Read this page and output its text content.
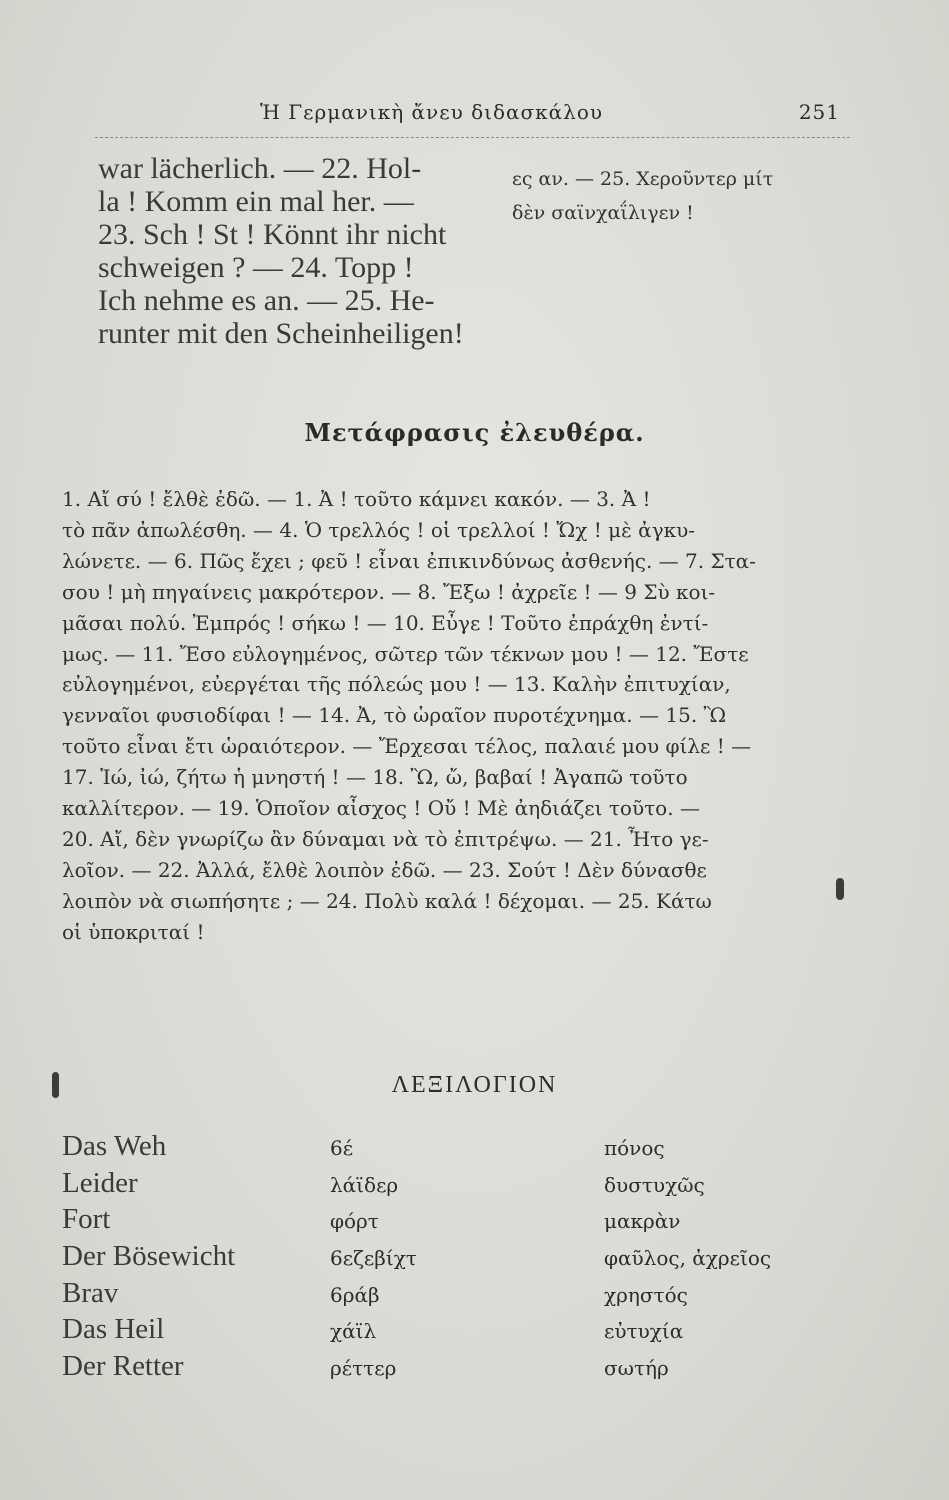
Ἡ Γερμανικὴ ἄνευ διδασκάλου	251
war lächerlich. — 22. Hol-
la ! Komm ein mal her. —
23. Sch ! St ! Könnt ihr nicht
schweigen ? — 24. Topp !
Ich nehme es an. — 25. He-
runter mit den Scheinheiligen!
ες αν. — 25. Χεροῦντερ μίτ
δὲν σαϊνχαΐλιγεν !
Μετάφρασις ἐλευθέρα.
1. Αἴ σύ ! ἔλθὲ ἐδῶ. — 1. Ἀ ! τοῦτο κάμνει κακόν. — 3. Ἀ !
τὸ πᾶν ἀπωλέσθη. — 4. Ὁ τρελλός ! οἱ τρελλοί ! Ὤχ ! μὲ ἀγκυ-
λώνετε. — 6. Πῶς ἔχει ; φεῦ ! εἶναι ἐπικινδύνως ἀσθενής. — 7. Στα-
σου ! μὴ πηγαίνεις μακρότερον. — 8. Ἔξω ! ἀχρεῖε ! — 9 Σὺ κοι-
μᾶσαι πολύ. Ἐμπρός ! σήκω ! — 10. Εὖγε ! Τοῦτο ἐπράχθη ἐντί-
μως. — 11. Ἔσο εὐλογημένος, σῶτερ τῶν τέκνων μου ! — 12. Ἔστε
εὐλογημένοι, εὐεργέται τῆς πόλεώς μου ! — 13. Καλὴν ἐπιτυχίαν,
γενναῖοι φυσιοδίφαι ! — 14. Ἀ, τὸ ὡραῖον πυροτέχνημα. — 15. Ὢ
τοῦτο εἶναι ἔτι ὡραιότερον. — Ἔρχεσαι τέλος, παλαιέ μου φίλε ! —
17. Ἰώ, ἰώ, ζήτω ἡ μνηστή ! — 18. Ὢ, ὤ, βαβαί ! Ἀγαπῶ τοῦτο
καλλίτερον. — 19. Ὁποῖον αἶσχος ! Οὔ ! Μὲ ἀηδιάζει τοῦτο. —
20. Αἴ, δὲν γνωρίζω ἂν δύναμαι νὰ τὸ ἐπιτρέψω. — 21. Ἦτο γε-
λοῖον. — 22. Ἀλλά, ἔλθὲ λοιπὸν ἐδῶ. — 23. Σούτ ! Δὲν δύνασθε
λοιπὸν νὰ σιωπήσητε ; — 24. Πολὺ καλά ! δέχομαι. — 25. Κάτω
οἱ ὑποκριταί !
ΛΕΞΙΛΟΓΙΟΝ
Das Weh	6έ	πόνος
Leider	λάϊδερ	δυστυχῶς
Fort	φόρτ	μακρὰν
Der Bösewicht	6εζεβίχτ	φαῦλος, ἀχρεῖος
Brav	6ράβ	χρηστός
Das Heil	χάϊλ	εὐτυχία
Der Retter	ρέττερ	σωτήρ
